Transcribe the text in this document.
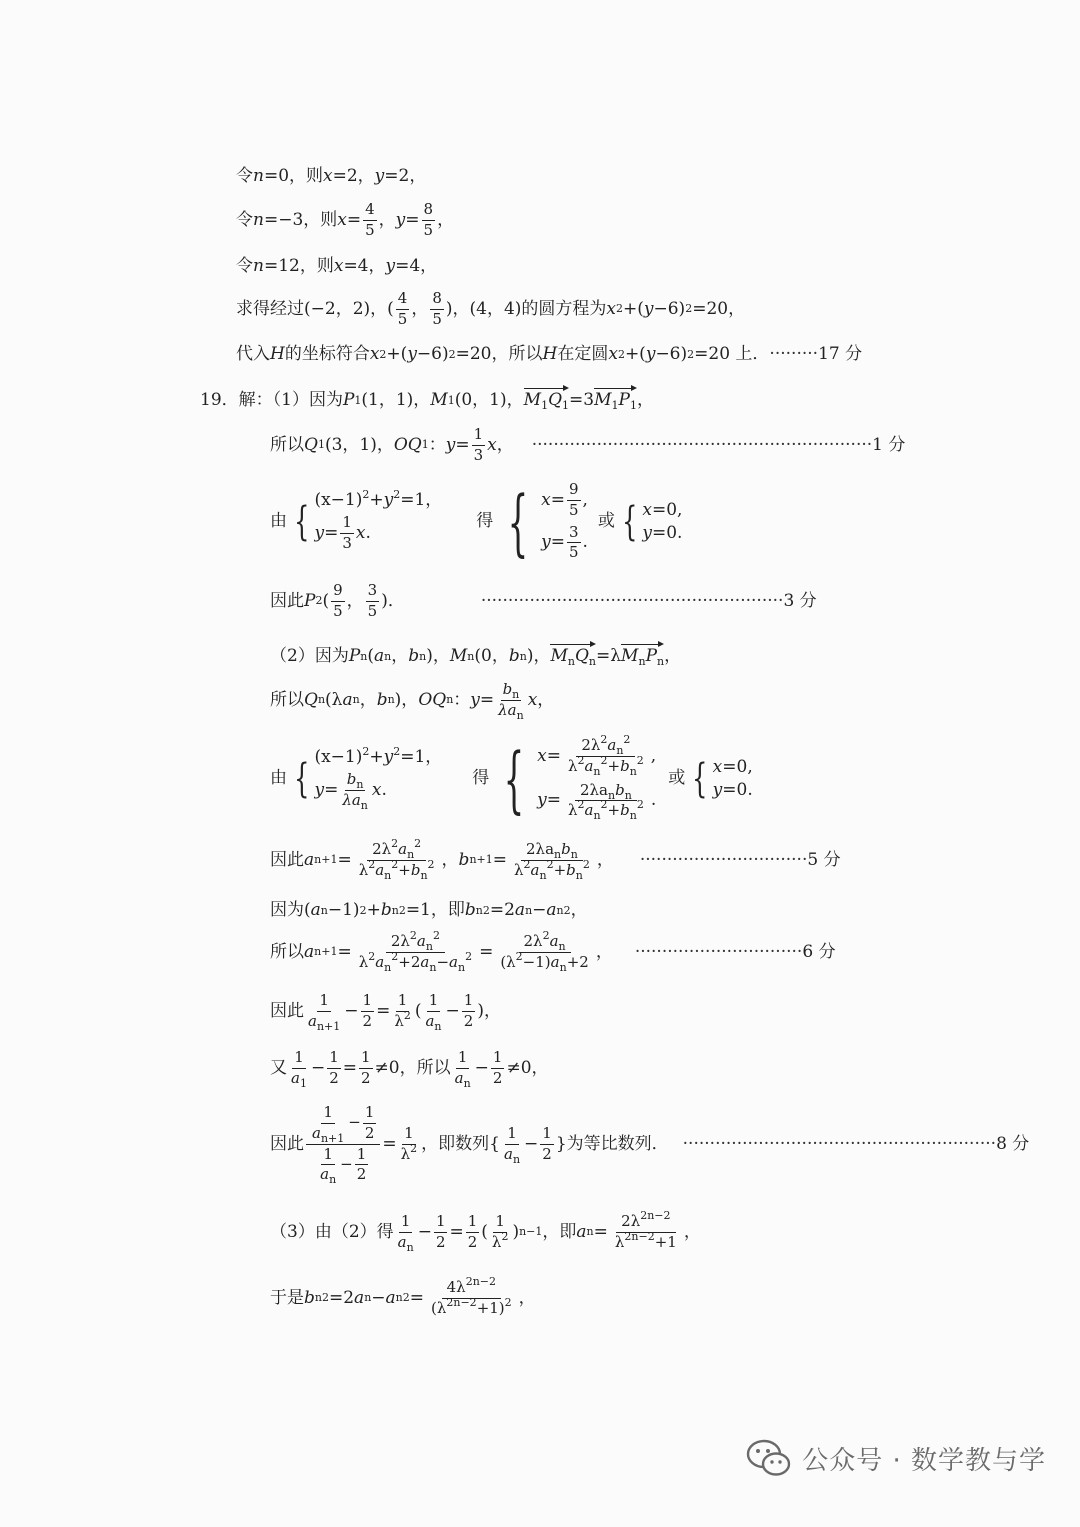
令 n =0，则 x =2， y =2，
令 n =−3，则 $x = \frac{4}{5}$ ， $y = \frac{8}{5}$ ，
令 n =12，则 x =4， y =4，
求得经过(−2，2)，( $\frac{4}{5}$ ， $\frac{8}{5}$ )，(4，4)的圆方程为 x 2 +( y −6) 2 =20，
代入 H 的坐标符合 x 2 +( y −6) 2 =20，所以 H 在定圆 x 2 +( y −6) 2 =20 上． ········· 17 分
19．解：（1）因为 P 1 (1，1)， M 1 (0，1)， $M_1Q_1 =3$ $M_1P_1$ ，
所以 Q 1 (3，1)， OQ 1 ： $y = \frac{1}{3}$ x ， ······························································· 1 分
由 { $(x-1)^2+y^2=1$，
$y = \frac{1}{3}$ x .
得 { $x = \frac{9}{5}$ ,
$y = \frac{3}{5}$ .
或 { x=0,
y=0.
因此 P 2 ( $\frac{9}{5}$ ， $\frac{3}{5}$ )．	························································ 3 分
（2）因为 P n ( a n ， b n )， M n (0， b n )， $M_nQ_n =\lambda$ $M_nP_n$ ，
所以 Q n (λ a n ， b n )， OQ n ： $y = \frac{b_n}{\lambda a_n}$ x ，
由 { $(x-1)^2+y^2=1$，
$y = \frac{b_n}{\lambda a_n}$ x .
得 { $x = \frac{2\lambda^2a_n^2}{\lambda^2a_n^2+b_n^2}$ ,
$y = \frac{2\lambda a_nb_n}{\lambda^2a_n^2+b_n^2}$ .
或 { x=0,
y=0.
因此 a $n+1 = \frac{2\lambda^2a_n^2}{\lambda^2a_n^2+b_n^2}$ ， b $n+1 = \frac{2\lambda a_nb_n}{\lambda^2a_n^2+b_n^2}$ ， ······························· 5 分
因为( a n −1) 2 + b n 2 =1，即 b n 2 =2 a n − a n 2 ，
所以 a $n+1 = \frac{2\lambda^2a_n^2}{\lambda^2a_n^2+2a_n-a_n^2} = \frac{2\lambda^2a_n}{(\lambda^2-1)a_n+2}$ ， ······························· 6 分
因此 $\frac{1}{a_{n+1}} - \frac{1}{2} = \frac{1}{\lambda^2}$ ( $\frac{1}{a_n} - \frac{1}{2}$ )，
又 $\frac{1}{a_1} - \frac{1}{2} = \frac{1}{2} \ne 0$，所以 $\frac{1}{a_n} - \frac{1}{2} \ne 0$，
因此 $\frac{\frac{1}{a_{n+1}} - \frac{1}{2}}{\frac{1}{a_n} - \frac{1}{2}} = \frac{1}{\lambda^2}$ ，即数列{ $\frac{1}{a_n} - \frac{1}{2}$ }为等比数列． ·························································· 8 分
（3）由（2）得 $\frac{1}{a_n} - \frac{1}{2} = \frac{1}{2}$ ( $\frac{1}{\lambda^2}$ ) n−1 ，即 a $n = \frac{2\lambda^{2n-2}}{\lambda^{2n-2}+1}$ ，
于是 b n 2 =2 a n − a n $2 = \frac{4\lambda^{2n-2}}{(\lambda^{2n-2}+1)^2}$ ，
公众号 · 数学教与学
